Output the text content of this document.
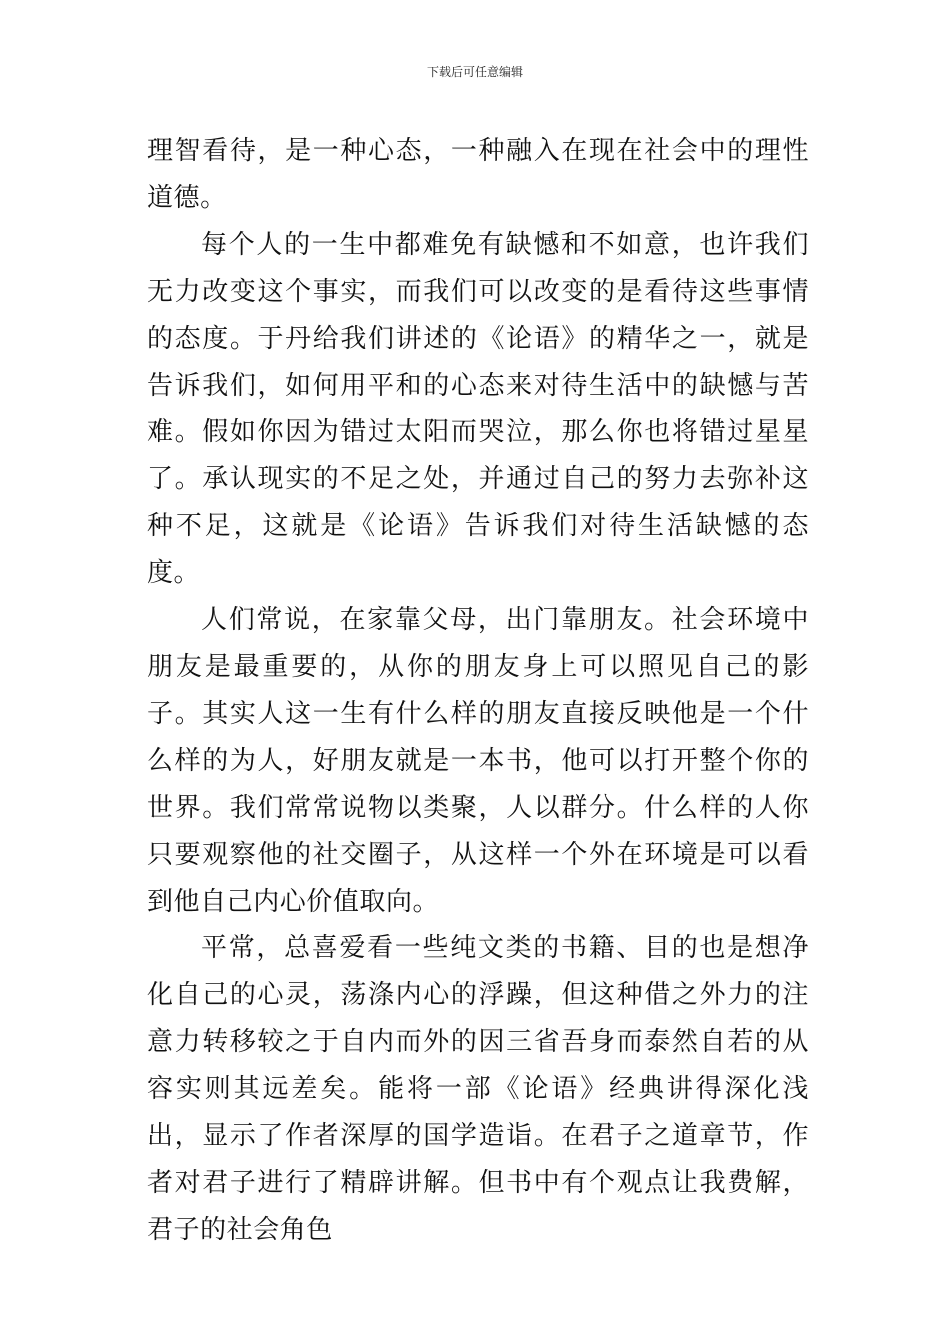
下载后可任意编辑

理智看待，是一种心态，一种融入在现在社会中的理性道德。

每个人的一生中都难免有缺憾和不如意，也许我们无力改变这个事实，而我们可以改变的是看待这些事情的态度。于丹给我们讲述的《论语》的精华之一，就是告诉我们，如何用平和的心态来对待生活中的缺憾与苦难。假如你因为错过太阳而哭泣，那么你也将错过星星了。承认现实的不足之处，并通过自己的努力去弥补这种不足，这就是《论语》告诉我们对待生活缺憾的态度。

人们常说，在家靠父母，出门靠朋友。社会环境中朋友是最重要的，从你的朋友身上可以照见自己的影子。其实人这一生有什么样的朋友直接反映他是一个什么样的为人，好朋友就是一本书，他可以打开整个你的世界。我们常常说物以类聚，人以群分。什么样的人你只要观察他的社交圈子，从这样一个外在环境是可以看到他自己内心价值取向。

平常，总喜爱看一些纯文类的书籍、目的也是想净化自己的心灵，荡涤内心的浮躁，但这种借之外力的注意力转移较之于自内而外的因三省吾身而泰然自若的从容实则其远差矣。能将一部《论语》经典讲得深化浅出，显示了作者深厚的国学造诣。在君子之道章节，作者对君子进行了精辟讲解。但书中有个观点让我费解，君子的社会角色
